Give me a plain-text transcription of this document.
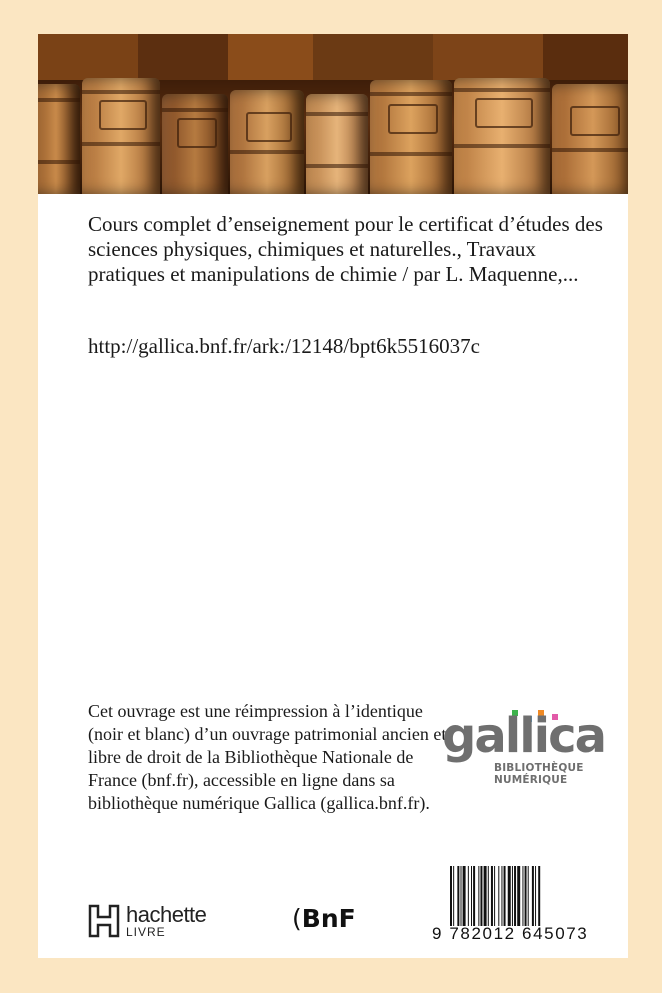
Cours complet d’enseignement pour le certificat d’études des sciences physiques, chimiques et naturelles., Travaux pratiques et manipulations de chimie / par L. Maquenne,...

http://gallica.bnf.fr/ark:/12148/bpt6k5516037c

Cet ouvrage est une réimpression à l’identique (noir et blanc) d’un ouvrage patrimonial ancien et libre de droit de la Bibliothèque Nationale de France (bnf.fr), accessible en ligne dans sa bibliothèque numérique Gallica (gallica.bnf.fr).

gallica
BIBLIOTHÈQUE
NUMÉRIQUE
hachette
LIVRE	(BnF
9 782012 645073
